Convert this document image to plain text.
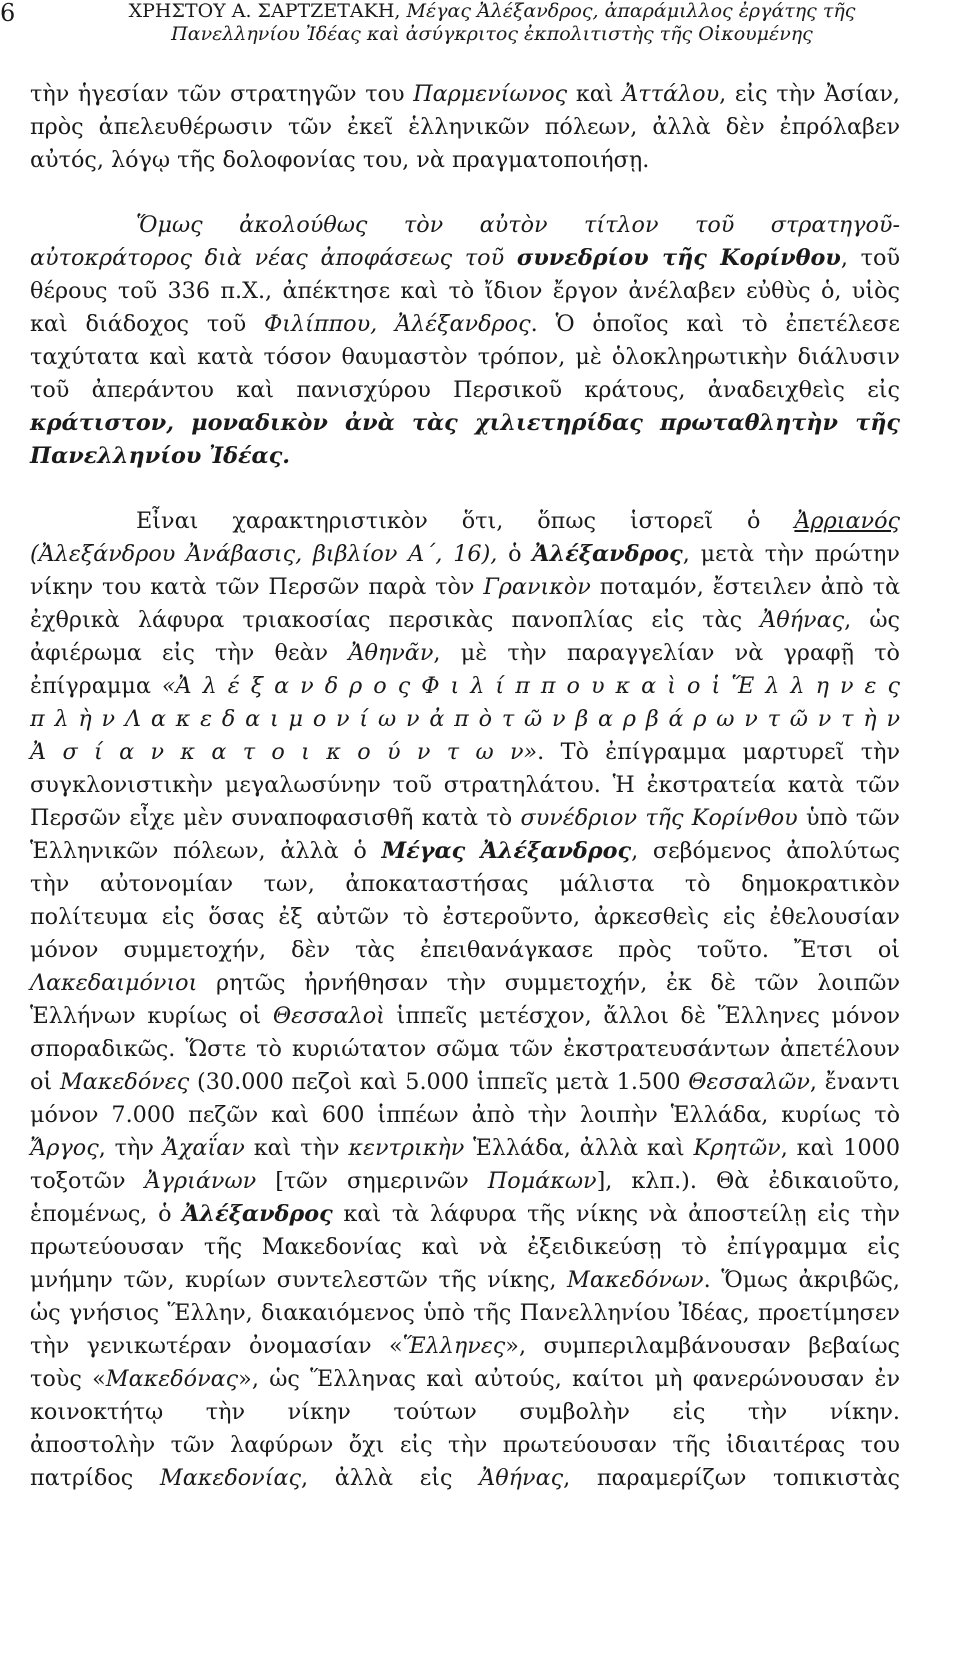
6	ΧΡΗΣΤΟΥ Α. ΣΑΡΤΖΕΤΑΚΗ, Μέγας Ἀλέξανδρος, ἀπαράμιλλος ἐργάτης τῆς
Πανελληνίου Ἰδέας καὶ ἀσύγκριτος ἐκπολιτιστὴς τῆς Οἰκουμένης

τὴν ἡγεσίαν τῶν στρατηγῶν του Παρμενίωνος καὶ Ἀττάλου, εἰς τὴν Ἀσίαν,
πρὸς ἀπελευθέρωσιν τῶν ἐκεῖ ἑλληνικῶν πόλεων, ἀλλὰ δὲν ἐπρόλαβεν
αὐτός, λόγῳ τῆς δολοφονίας του, νὰ πραγματοποιήσῃ.

Ὅμως ἀκολούθως τὸν αὐτὸν τίτλον τοῦ στρατηγοῦ-
αὐτοκράτορος διὰ νέας ἀποφάσεως τοῦ συνεδρίου τῆς Κορίνθου, τοῦ
θέρους τοῦ 336 π.Χ., ἀπέκτησε καὶ τὸ ἴδιον ἔργον ἀνέλαβεν εὐθὺς ὁ, υἱὸς
καὶ διάδοχος τοῦ Φιλίππου, Ἀλέξανδρος. Ὁ ὁποῖος καὶ τὸ ἐπετέλεσε
ταχύτατα καὶ κατὰ τόσον θαυμαστὸν τρόπον, μὲ ὁλοκληρωτικὴν διάλυσιν
τοῦ ἀπεράντου καὶ πανισχύρου Περσικοῦ κράτους, ἀναδειχθεὶς εἰς
κράτιστον, μοναδικὸν ἀνὰ τὰς χιλιετηρίδας πρωταθλητὴν τῆς
Πανελληνίου Ἰδέας.

Εἶναι χαρακτηριστικὸν ὅτι, ὅπως ἱστορεῖ ὁ Ἀρριανός
(Ἀλεξάνδρου Ἀνάβασις, βιβλίον Α΄, 16), ὁ Ἀλέξανδρος, μετὰ τὴν πρώτην
νίκην του κατὰ τῶν Περσῶν παρὰ τὸν Γρανικὸν ποταμόν, ἔστειλεν ἀπὸ τὰ
ἐχθρικὰ λάφυρα τριακοσίας περσικὰς πανοπλίας εἰς τὰς Ἀθήνας, ὡς
ἀφιέρωμα εἰς τὴν θεὰν Ἀθηνᾶν, μὲ τὴν παραγγελίαν νὰ γραφῇ τὸ
ἐπίγραμμα «Ἀ λ έ ξ α ν δ ρ ο ς Φ ι λ ί π π ο υ κ α ὶ ο ἱ Ἕ λ λ η ν ε ς
π λ ὴ ν Λ α κ ε δ α ι μ ο ν ί ω ν ἀ π ὸ τ ῶ ν β α ρ β ά ρ ω ν τ ῶ ν τ ὴ ν
Ἀ σ ί α ν κ α τ ο ι κ ο ύ ν τ ω ν». Τὸ ἐπίγραμμα μαρτυρεῖ τὴν
συγκλονιστικὴν μεγαλωσύνην τοῦ στρατηλάτου. Ἡ ἐκστρατεία κατὰ τῶν
Περσῶν εἶχε μὲν συναποφασισθῆ κατὰ τὸ συνέδριον τῆς Κορίνθου ὑπὸ τῶν
Ἑλληνικῶν πόλεων, ἀλλὰ ὁ Μέγας Ἀλέξανδρος, σεβόμενος ἀπολύτως
τὴν αὐτονομίαν των, ἀποκαταστήσας μάλιστα τὸ δημοκρατικὸν
πολίτευμα εἰς ὅσας ἐξ αὐτῶν τὸ ἐστεροῦντο, ἀρκεσθεὶς εἰς ἐθελουσίαν
μόνον συμμετοχήν, δὲν τὰς ἐπειθανάγκασε πρὸς τοῦτο. Ἔτσι οἱ
Λακεδαιμόνιοι ρητῶς ἠρνήθησαν τὴν συμμετοχήν, ἐκ δὲ τῶν λοιπῶν
Ἑλλήνων κυρίως οἱ Θεσσαλοὶ ἱππεῖς μετέσχον, ἄλλοι δὲ Ἕλληνες μόνον
σποραδικῶς. Ὥστε τὸ κυριώτατον σῶμα τῶν ἐκστρατευσάντων ἀπετέλουν
οἱ Μακεδόνες (30.000 πεζοὶ καὶ 5.000 ἱππεῖς μετὰ 1.500 Θεσσαλῶν, ἔναντι
μόνον 7.000 πεζῶν καὶ 600 ἱππέων ἀπὸ τὴν λοιπὴν Ἑλλάδα, κυρίως τὸ
Ἄργος, τὴν Ἀχαΐαν καὶ τὴν κεντρικὴν Ἑλλάδα, ἀλλὰ καὶ Κρητῶν, καὶ 1000
τοξοτῶν Ἀγριάνων [τῶν σημερινῶν Πομάκων], κλπ.). Θὰ ἐδικαιοῦτο,
ἑπομένως, ὁ Ἀλέξανδρος καὶ τὰ λάφυρα τῆς νίκης νὰ ἀποστείλῃ εἰς τὴν
πρωτεύουσαν τῆς Μακεδονίας καὶ νὰ ἐξειδικεύσῃ τὸ ἐπίγραμμα εἰς
μνήμην τῶν, κυρίων συντελεστῶν τῆς νίκης, Μακεδόνων. Ὅμως ἀκριβῶς,
ὡς γνήσιος Ἕλλην, διακαιόμενος ὑπὸ τῆς Πανελληνίου Ἰδέας, προετίμησεν
τὴν γενικωτέραν ὀνομασίαν «Ἕλληνες», συμπεριλαμβάνουσαν βεβαίως
τοὺς «Μακεδόνας», ὡς Ἕλληνας καὶ αὐτούς, καίτοι μὴ φανερώνουσαν ἐν
κοινοκτήτῳ τὴν νίκην τούτων συμβολὴν εἰς τὴν νίκην.
ἀποστολὴν τῶν λαφύρων ὄχι εἰς τὴν πρωτεύουσαν τῆς ἰδιαιτέρας του
πατρίδος Μακεδονίας, ἀλλὰ εἰς Ἀθήνας, παραμερίζων τοπικιστὰς
